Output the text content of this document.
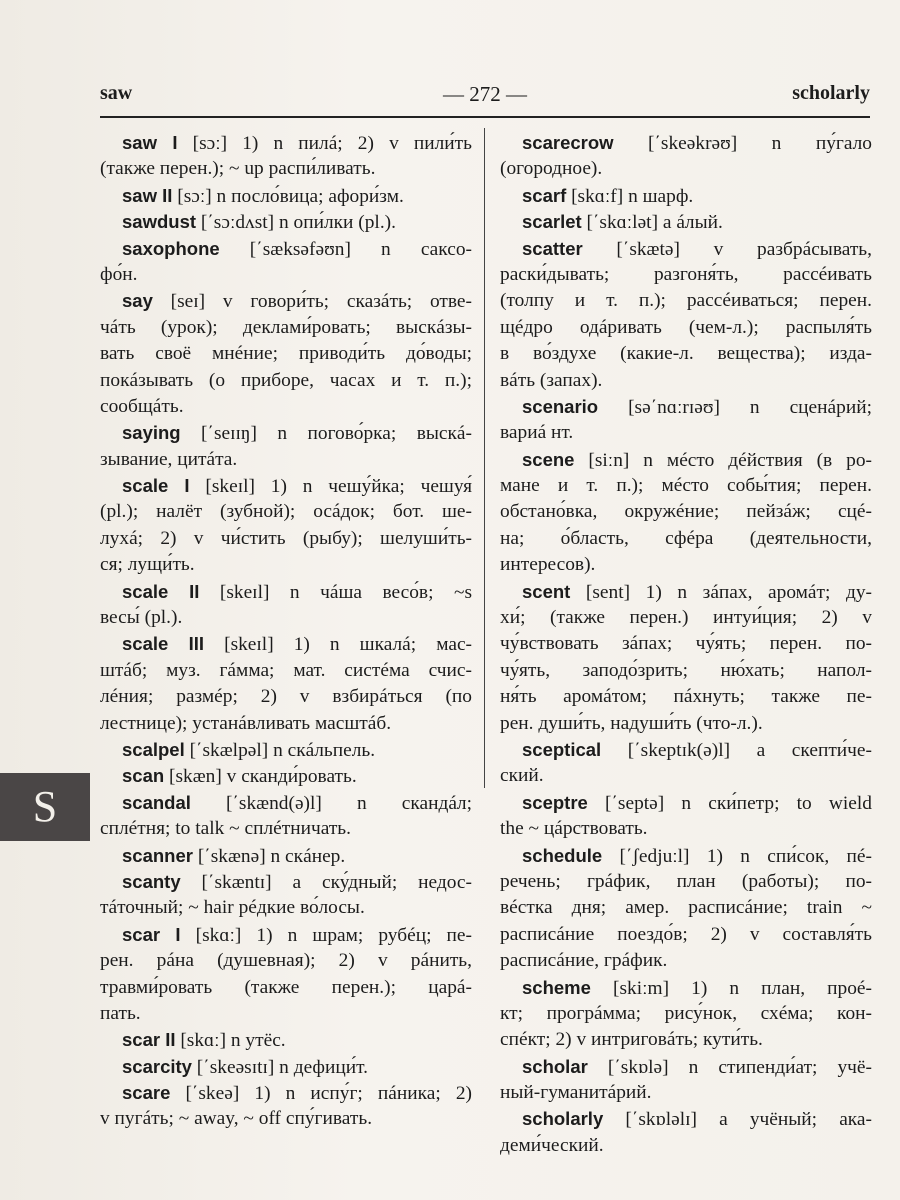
saw	— 272 —	scholarly
saw I [sɔː] 1) n пилá; 2) v пили́ть
(также перен.); ~ up распи́ливать.
saw II [sɔː] n посло́вица; афори́зм.
sawdust [΄sɔːdʌst] n опи́лки (pl.).
saxophone [΄sæksəfəʊn] n саксо-
фо́н.
say [seɪ] v говори́ть; сказáть; отве-
чáть (урок); деклами́ровать; выскáзы-
вать своё мнéние; приводи́ть до́воды;
покáзывать (о приборе, часах и т. п.);
сообщáть.
saying [΄seɪɪŋ] n погово́рка; выскá-
зывание, цитáта.
scale I [skeɪl] 1) n чешу́йка; чешуя́
(pl.); налёт (зубной); осáдок; бот. ше-
лухá; 2) v чи́стить (рыбу); шелуши́ть-
ся; лущи́ть.
scale II [skeɪl] n чáша весо́в; ~s
весы́ (pl.).
scale III [skeɪl] 1) n шкалá; мас-
штáб; муз. гáмма; мат. систéма счис-
лéния; размéр; 2) v взбирáться (по
лестнице); устанáвливать масштáб.
scalpel [΄skælpəl] n скáльпель.
scan [skæn] v сканди́ровать.
scandal [΄skænd(ə)l] n скандáл;
сплéтня; to talk ~ сплéтничать.
scanner [΄skænə] n скáнер.
scanty [΄skæntɪ] a ску́дный; недос-
тáточный; ~ hair рéдкие во́лосы.
scar I [skɑː] 1) n шрам; рубéц; пе-
рен. рáна (душевная); 2) v рáнить,
травми́ровать (также перен.); царá-
пать.
scar II [skɑː] n утёс.
scarcity [΄skeəsɪtɪ] n дефици́т.
scare [΄skeə] 1) n испу́г; пáника; 2)
v пугáть; ~ away, ~ off спу́гивать.
scarecrow [΄skeəkrəʊ] n пу́гало
(огородное).
scarf [skɑːf] n шарф.
scarlet [΄skɑːlət] a áлый.
scatter [΄skætə] v разбрáсывать,
раски́дывать; разгоня́ть, рассéивать
(толпу и т. п.); рассéиваться; перен.
щéдро одáривать (чем-л.); распыля́ть
в во́здухе (какие-л. вещества); изда-
вáть (запах).
scenario [sə΄nɑːrɪəʊ] n сценáрий;
вариá нт.
scene [siːn] n мéсто дéйствия (в ро-
мане и т. п.); мéсто собы́тия; перен.
обстано́вка, окружéние; пейзáж; сцé-
на; о́бласть, сфéра (деятельности,
интересов).
scent [sent] 1) n зáпах, аромáт; ду-
хи́; (также перен.) интуи́ция; 2) v
чу́вствовать зáпах; чу́ять; перен. по-
чу́ять, заподо́зрить; ню́хать; напол-
ня́ть аромáтом; пáхнуть; также пе-
рен. души́ть, надуши́ть (что-л.).
sceptical [΄skeptɪk(ə)l] a скепти́че-
ский.
sceptre [΄septə] n ски́петр; to wield
the ~ цáрствовать.
schedule [΄ʃedjuːl] 1) n спи́сок, пé-
речень; грáфик, план (работы); по-
вéстка дня; амер. расписáние; train ~
расписáние поездо́в; 2) v составля́ть
расписáние, грáфик.
scheme [skiːm] 1) n план, проé-
кт; прогрáмма; рису́нок, схéма; кон-
спéкт; 2) v интриговáть; кути́ть.
scholar [΄skɒlə] n стипенди́ат; учё-
ный-гуманитáрий.
scholarly [΄skɒləlɪ] a учёный; ака-
деми́ческий.
S
